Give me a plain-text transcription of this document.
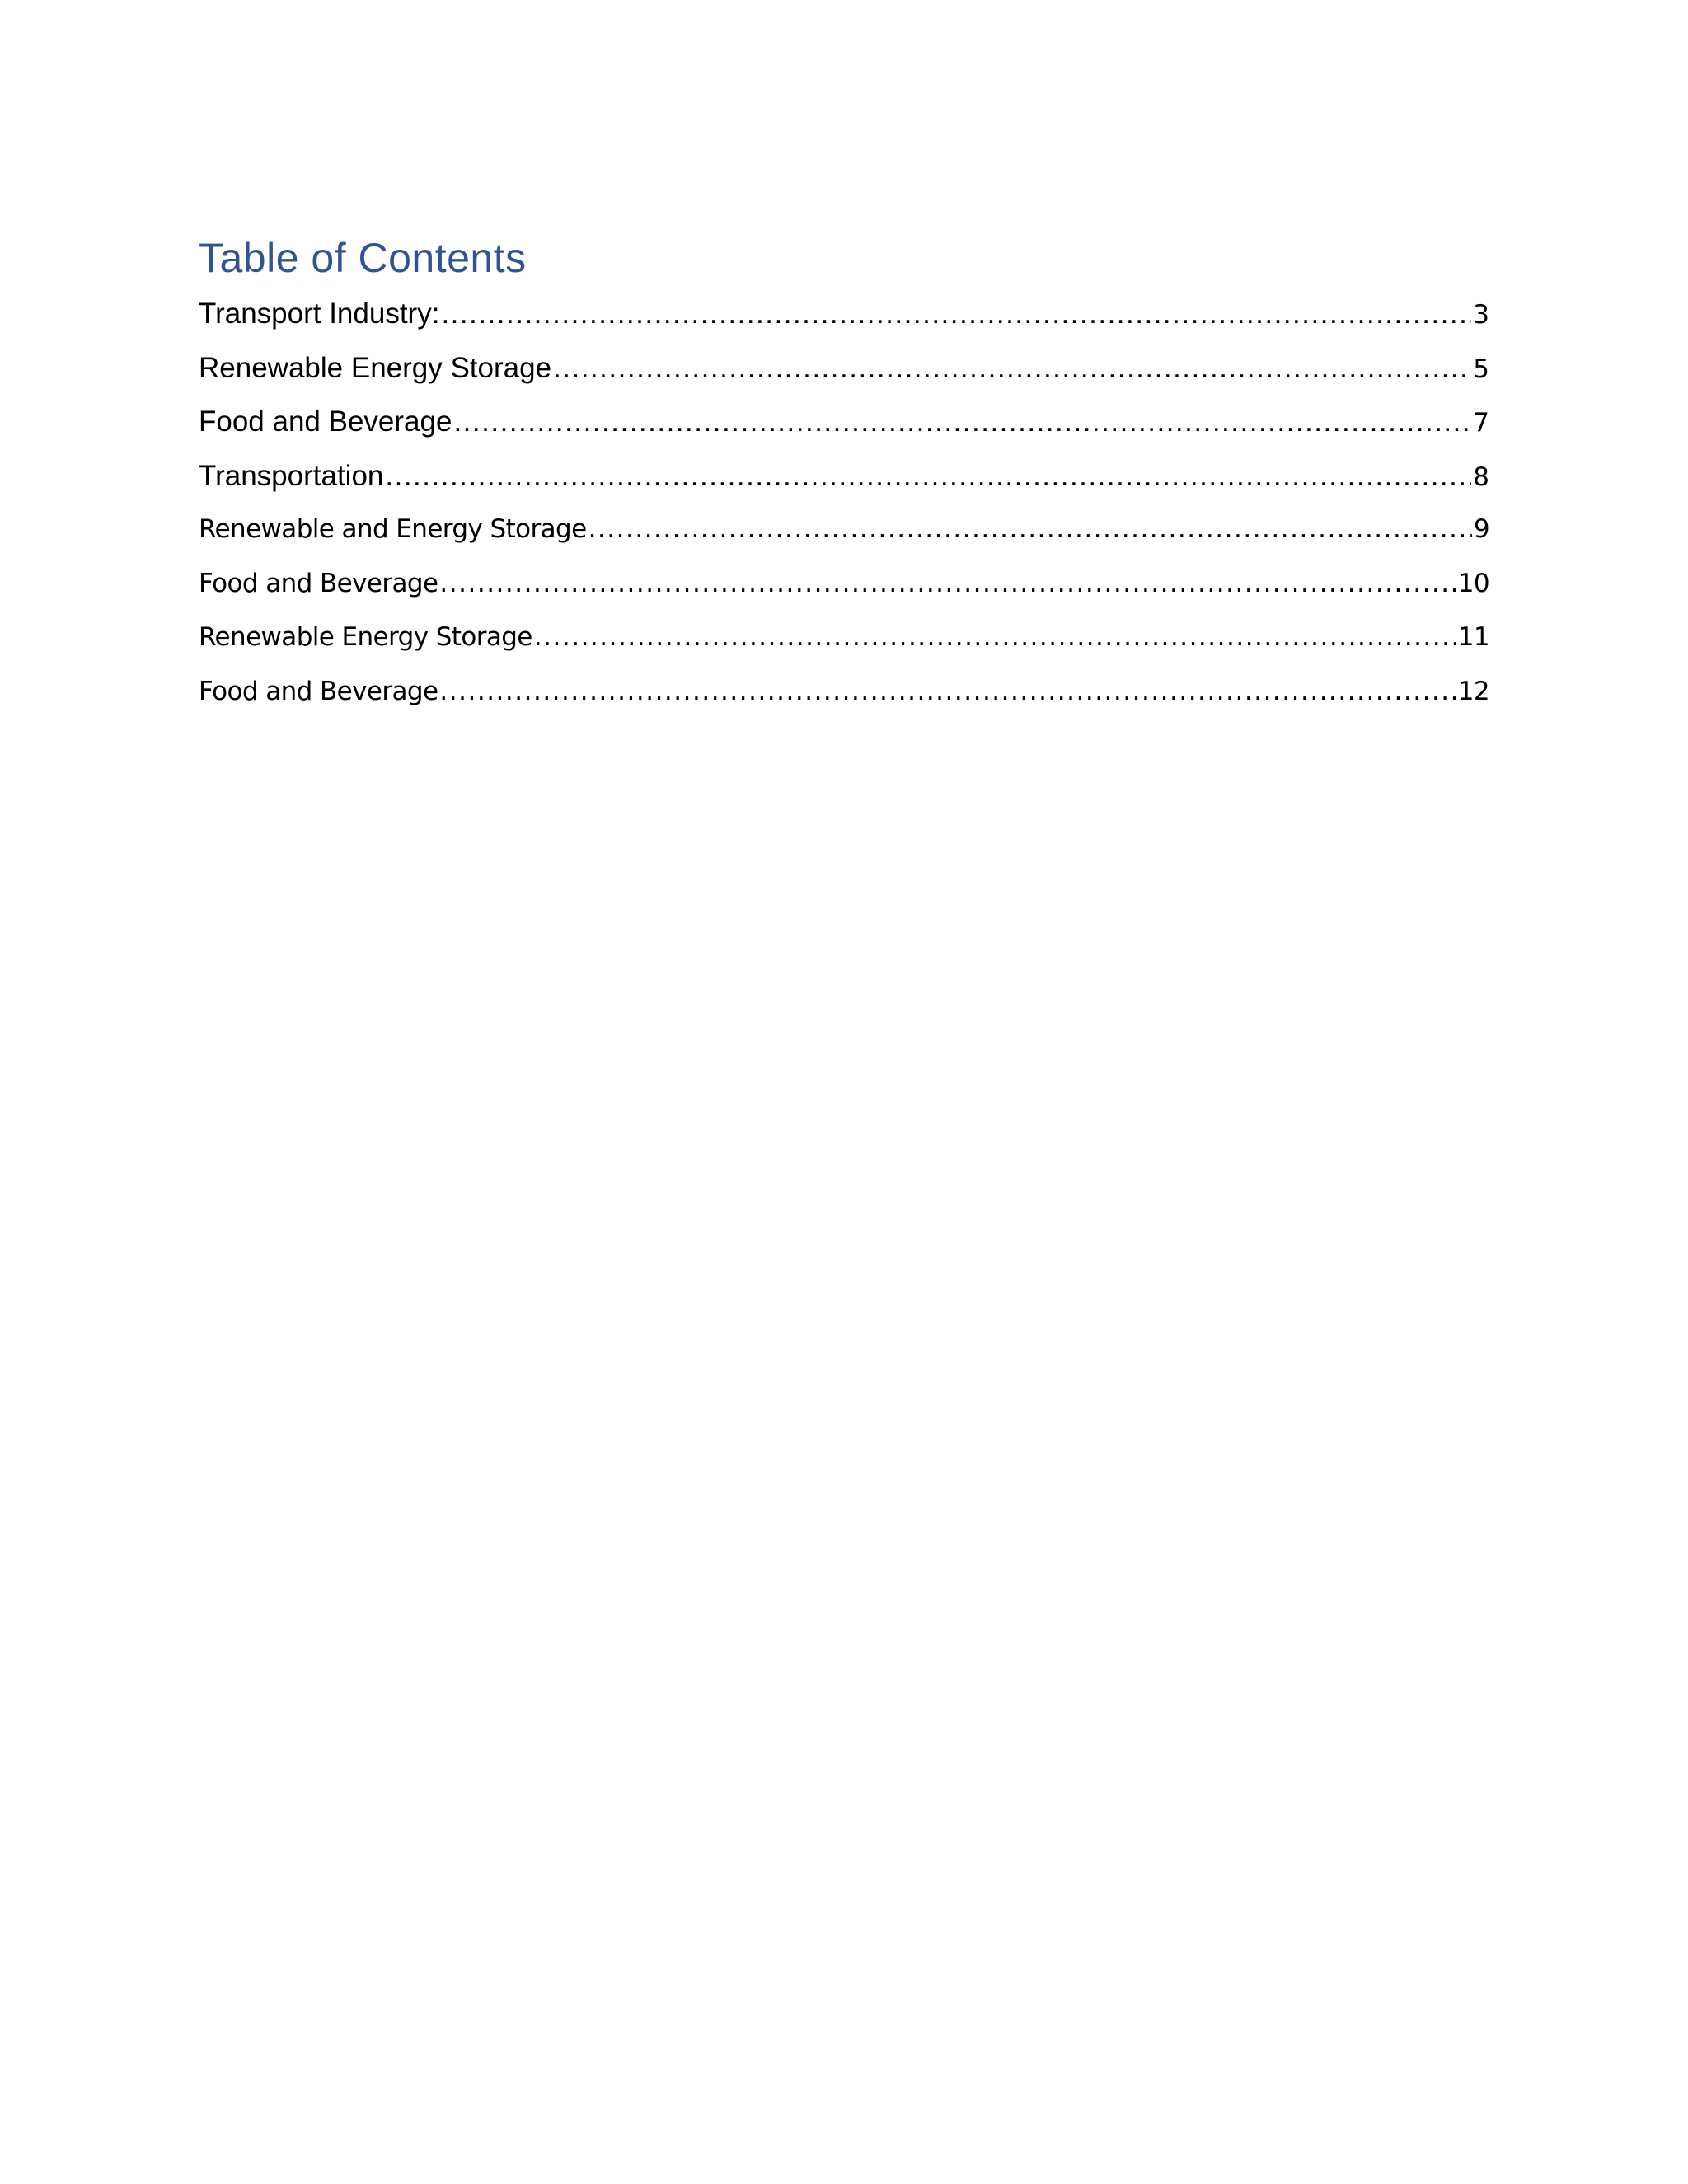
Table of Contents
Transport Industry: .....	3
Renewable Energy Storage .....	5
Food and Beverage .....	7
Transportation .....	8
Renewable and Energy Storage .....	9
Food and Beverage .....	10
Renewable Energy Storage .....	11
Food and Beverage .....	12
